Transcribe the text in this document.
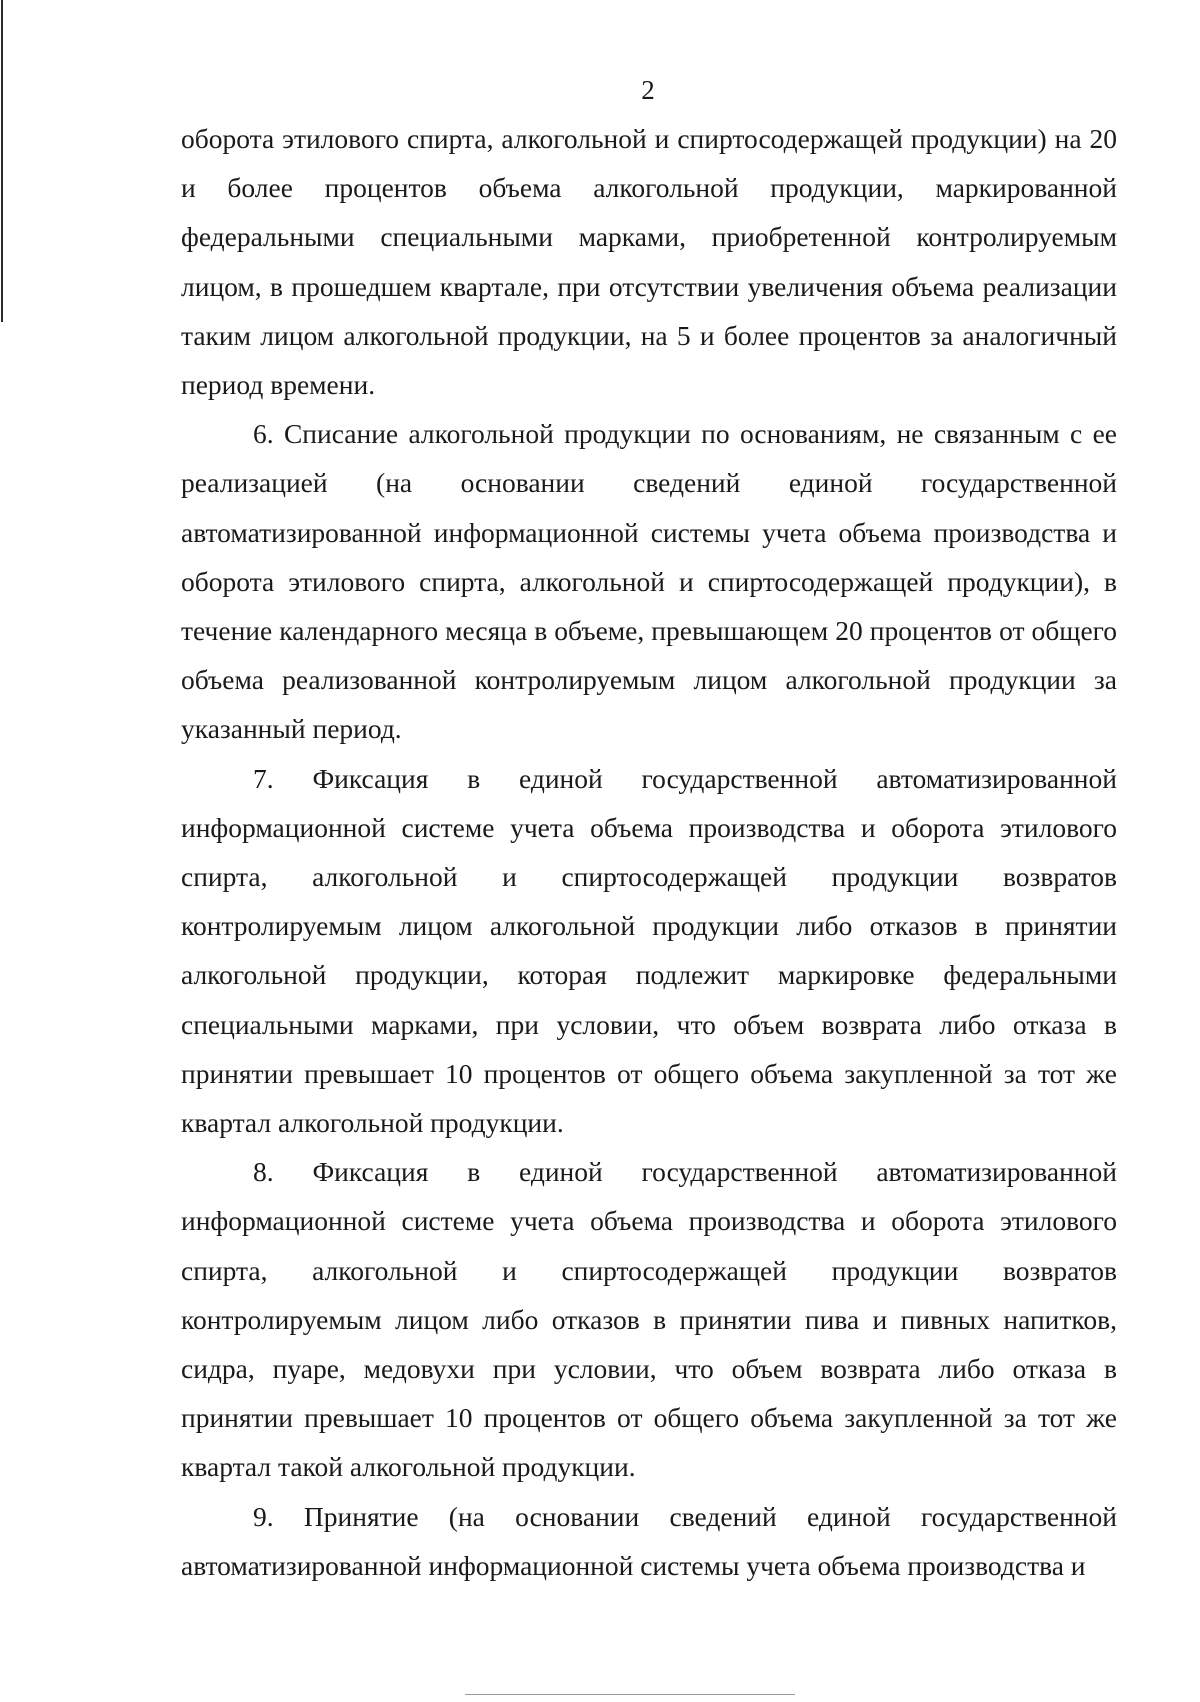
2

оборота этилового спирта, алкогольной и спиртосодержащей продукции) на 20 и более процентов объема алкогольной продукции, маркированной федеральными специальными марками, приобретенной контролируемым лицом, в прошедшем квартале, при отсутствии увеличения объема реализации таким лицом алкогольной продукции, на 5 и более процентов за аналогичный период времени.

6. Списание алкогольной продукции по основаниям, не связанным с ее реализацией (на основании сведений единой государственной автоматизированной информационной системы учета объема производства и оборота этилового спирта, алкогольной и спиртосодержащей продукции), в течение календарного месяца в объеме, превышающем 20 процентов от общего объема реализованной контролируемым лицом алкогольной продукции за указанный период.

7. Фиксация в единой государственной автоматизированной информационной системе учета объема производства и оборота этилового спирта, алкогольной и спиртосодержащей продукции возвратов контролируемым лицом алкогольной продукции либо отказов в принятии алкогольной продукции, которая подлежит маркировке федеральными специальными марками, при условии, что объем возврата либо отказа в принятии превышает 10 процентов от общего объема закупленной за тот же квартал алкогольной продукции.

8. Фиксация в единой государственной автоматизированной информационной системе учета объема производства и оборота этилового спирта, алкогольной и спиртосодержащей продукции возвратов контролируемым лицом либо отказов в принятии пива и пивных напитков, сидра, пуаре, медовухи при условии, что объем возврата либо отказа в принятии превышает 10 процентов от общего объема закупленной за тот же квартал такой алкогольной продукции.

9. Принятие (на основании сведений единой государственной автоматизированной информационной системы учета объема производства и
